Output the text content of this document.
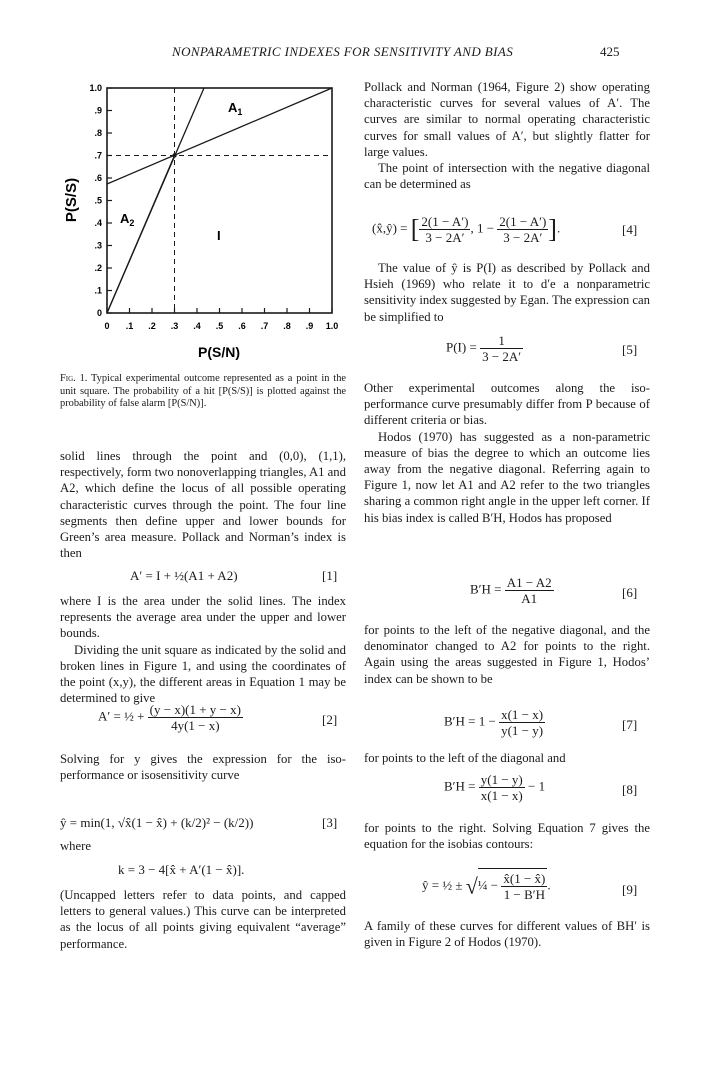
NONPARAMETRIC INDEXES FOR SENSITIVITY AND BIAS	425
$A_1$
$A_2$
I
P(S/S)
P(S/N)
0
0
.1
.1
.2
.2
.3
.3
.4
.4
.5
.5
.6
.6
.7
.7
.8
.8
.9
.9
1.0
1.0
Fig. 1. Typical experimental outcome represented as a point in the unit square. The probability of a hit [P(S/S)] is plotted against the probability of false alarm [P(S/N)].

solid lines through the point and (0,0), (1,1), respectively, form two nonoverlapping triangles, A1 and A2, which define the locus of all possible operating characteristic curves through the point. The four line segments then define upper and lower bounds for Green’s area measure. Pollack and Norman’s index is then

A′ = I + ½(A1 + A2)	[1]

where I is the area under the solid lines. The index represents the average area under the upper and lower bounds.

Dividing the unit square as indicated by the solid and broken lines in Figure 1, and using the coordinates of the point (x,y), the different areas in Equation 1 may be determined to give

A′ = ½ + $\frac{(y - x)(1 + y - x)}{4y(1 - x)}$	[2]

Solving for y gives the expression for the iso-performance or isosensitivity curve

ŷ = min(1, √x̂(1 − x̂) + (k/2)² − (k/2))	[3]
where
k = 3 − 4[x̂ + A′(1 − x̂)].

(Uncapped letters refer to data points, and capped letters to general values.) This curve can be interpreted as the locus of all points giving equivalent “average” performance.

Pollack and Norman (1964, Figure 2) show operating characteristic curves for several values of A′. The curves are similar to normal operating characteristic curves for small values of A′, but slightly flatter for large values.

The point of intersection with the negative diagonal can be determined as

(x̂,ŷ) = [ $\frac{2(1 - A')}{3 - 2A'}$ , $1 - \frac{2(1 - A')}{3 - 2A'}$ ].	[4]

The value of ŷ is P(I) as described by Pollack and Hsieh (1969) who relate it to d′e a nonparametric sensitivity index suggested by Egan. The expression can be simplified to

$P(I) = \frac{1}{3 - 2A'}$	[5]

Other experimental outcomes along the iso-performance curve presumably differ from P because of different criteria or bias.

Hodos (1970) has suggested as a non-parametric measure of bias the degree to which an outcome lies away from the negative diagonal. Referring again to Figure 1, now let A1 and A2 refer to the two triangles sharing a common right angle in the upper left corner. If his bias index is called B′H, Hodos has proposed

$B'H = \frac{A1 - A2}{A1}$	[6]

for points to the left of the negative diagonal, and the denominator changed to A2 for points to the right. Again using the areas suggested in Figure 1, Hodos’ index can be shown to be

$B'H = 1 - \frac{x(1 - x)}{y(1 - y)}$	[7]

for points to the left of the diagonal and

$B'H = \frac{y(1 - y)}{x(1 - x)} - 1$	[8]

for points to the right. Solving Equation 7 gives the equation for the isobias contours:

ŷ = ½ ± √¼ − $\frac{x̂(1 - x̂)}{1 - B'H}$ .	[9]

A family of these curves for different values of BH′ is given in Figure 2 of Hodos (1970).
